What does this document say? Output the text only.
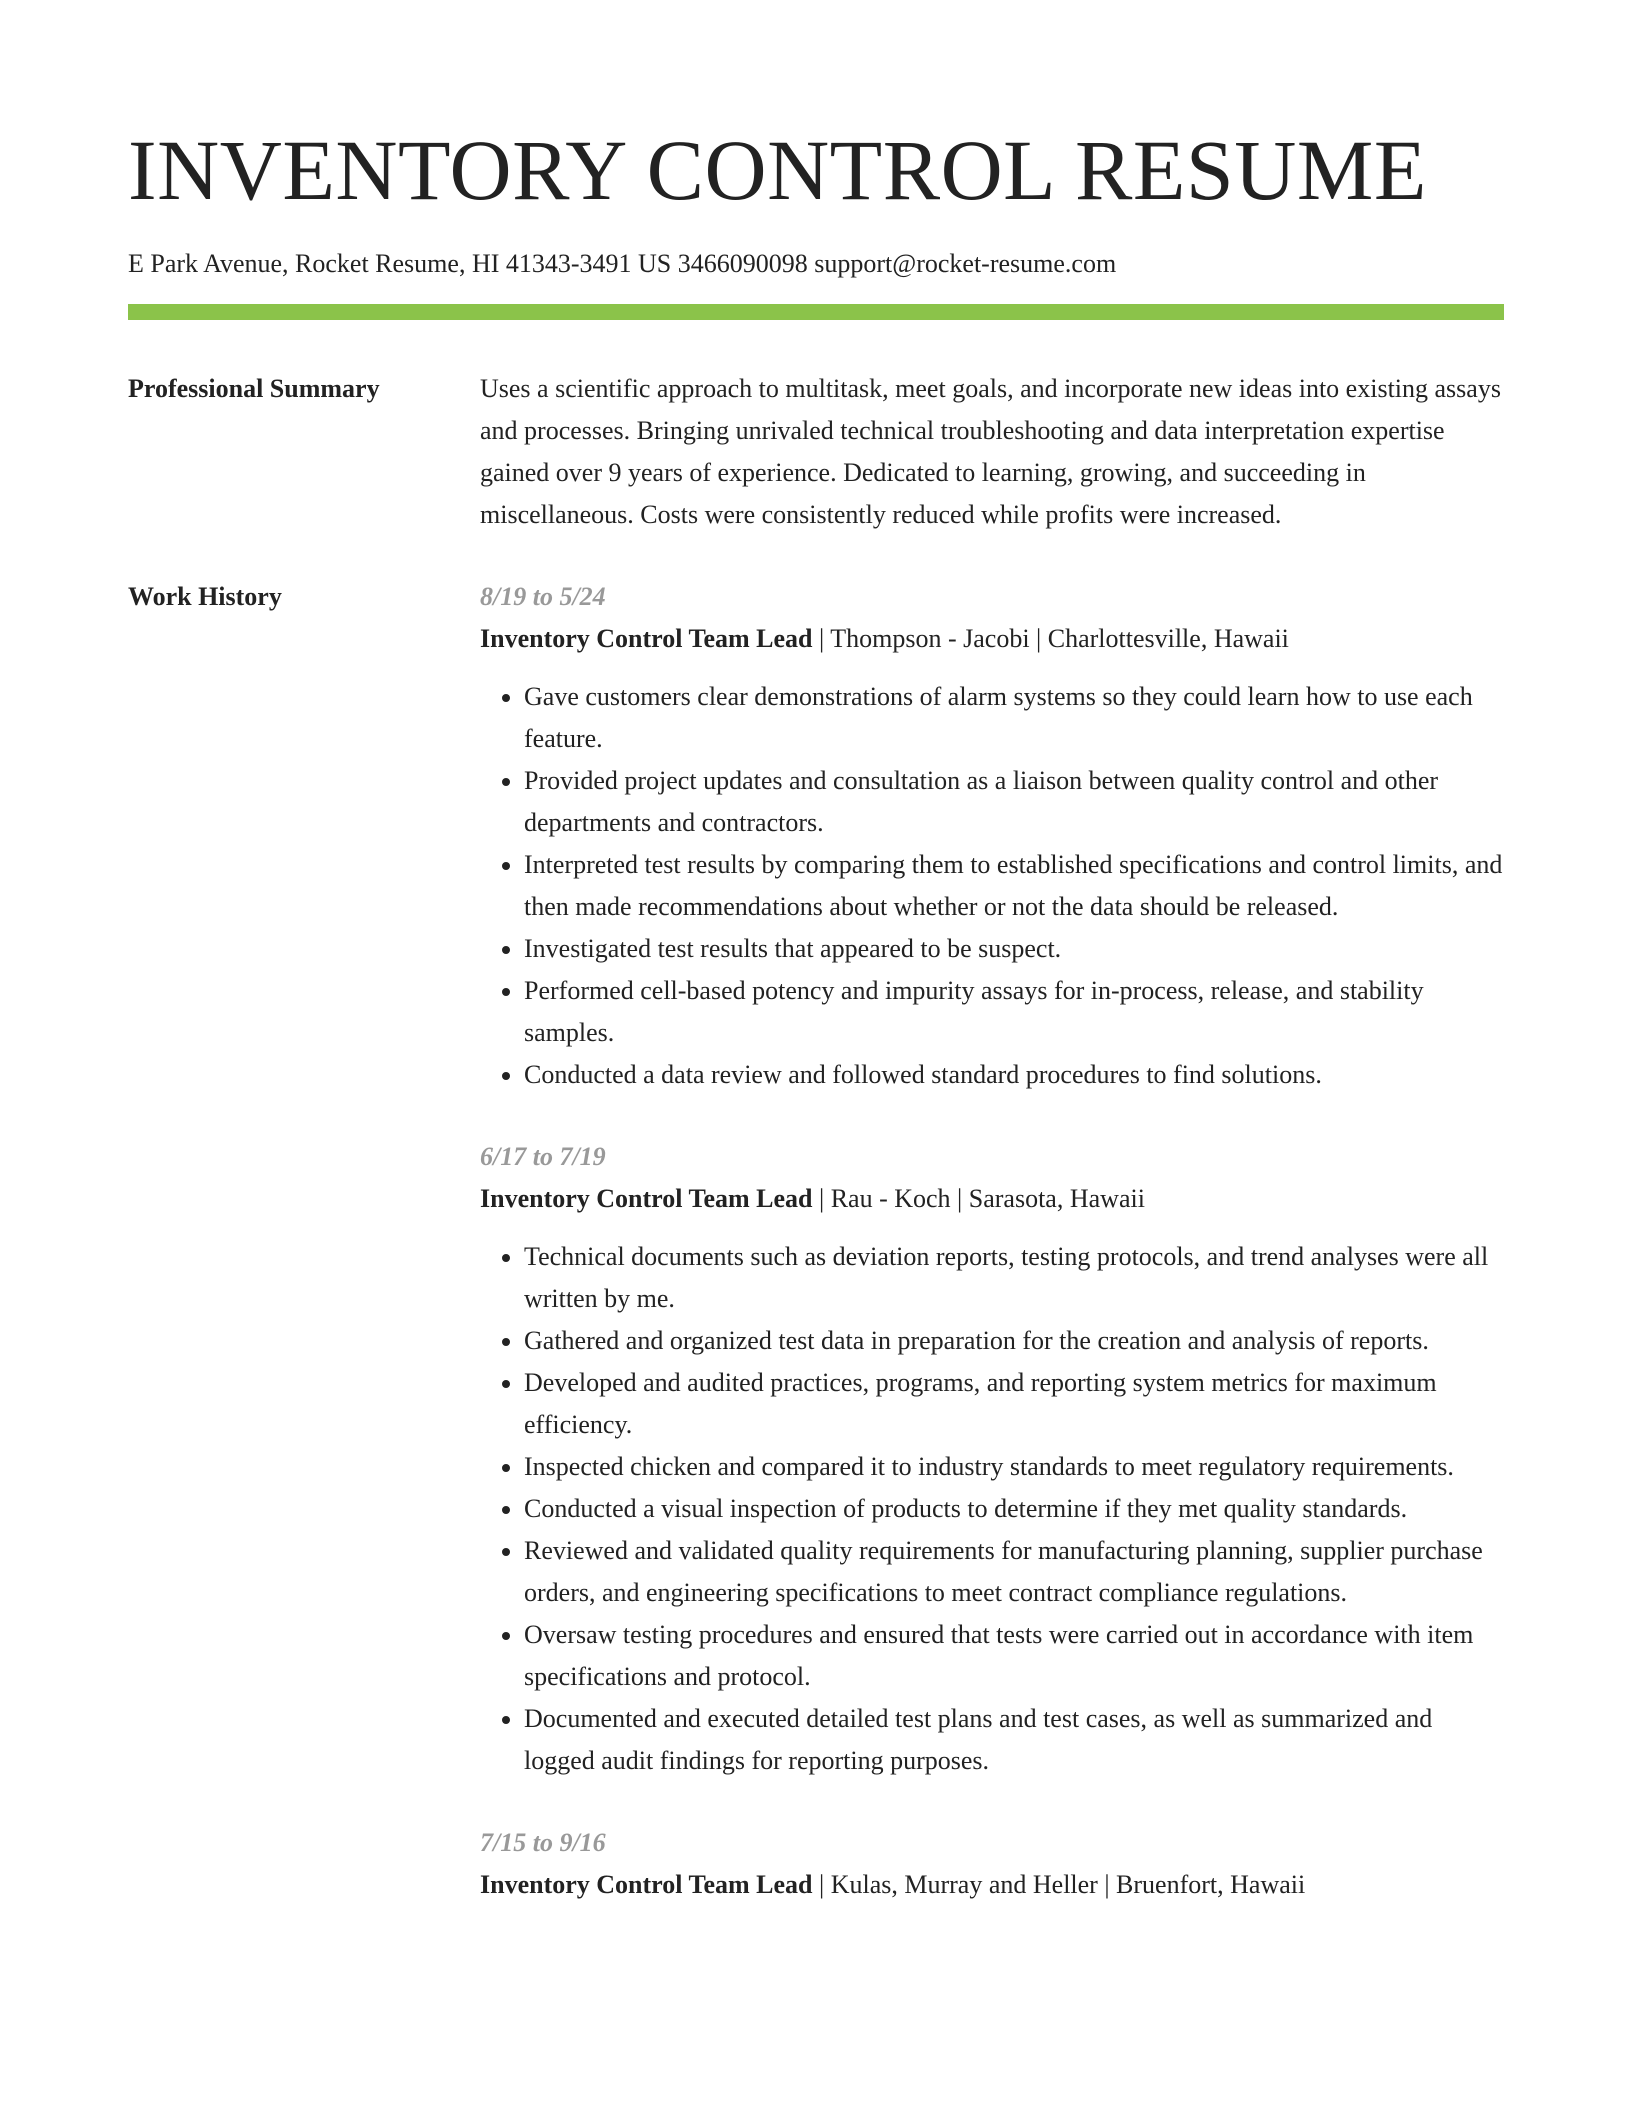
INVENTORY CONTROL RESUME
E Park Avenue, Rocket Resume, HI 41343-3491 US 3466090098 support@rocket-resume.com
Professional Summary	Uses a scientific approach to multitask, meet goals, and incorporate new ideas into existing assays and processes. Bringing unrivaled technical troubleshooting and data interpretation expertise gained over 9 years of experience. Dedicated to learning, growing, and succeeding in miscellaneous. Costs were consistently reduced while profits were increased.

Work History	8/19 to 5/24
Inventory Control Team Lead | Thompson - Jacobi | Charlottesville, Hawaii
• Gave customers clear demonstrations of alarm systems so they could learn how to use each feature.
• Provided project updates and consultation as a liaison between quality control and other departments and contractors.
• Interpreted test results by comparing them to established specifications and control limits, and then made recommendations about whether or not the data should be released.
• Investigated test results that appeared to be suspect.
• Performed cell-based potency and impurity assays for in-process, release, and stability samples.
• Conducted a data review and followed standard procedures to find solutions.
6/17 to 7/19
Inventory Control Team Lead | Rau - Koch | Sarasota, Hawaii
• Technical documents such as deviation reports, testing protocols, and trend analyses were all written by me.
• Gathered and organized test data in preparation for the creation and analysis of reports.
• Developed and audited practices, programs, and reporting system metrics for maximum efficiency.
• Inspected chicken and compared it to industry standards to meet regulatory requirements.
• Conducted a visual inspection of products to determine if they met quality standards.
• Reviewed and validated quality requirements for manufacturing planning, supplier purchase orders, and engineering specifications to meet contract compliance regulations.
• Oversaw testing procedures and ensured that tests were carried out in accordance with item specifications and protocol.
• Documented and executed detailed test plans and test cases, as well as summarized and logged audit findings for reporting purposes.
7/15 to 9/16
Inventory Control Team Lead | Kulas, Murray and Heller | Bruenfort, Hawaii
